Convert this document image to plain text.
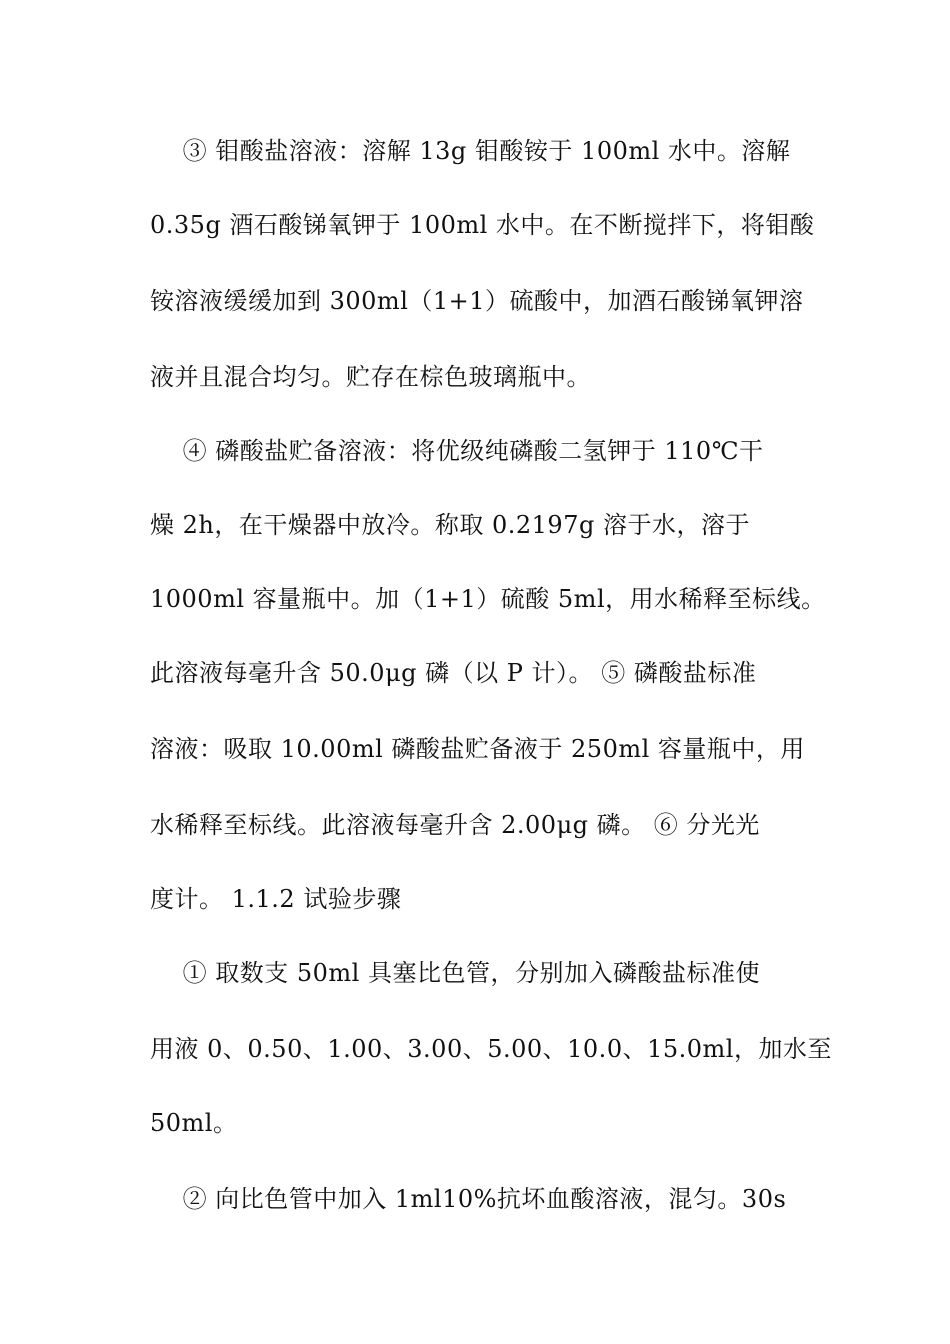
　 ③ 钼酸盐溶液：溶解 13g 钼酸铵于 100ml 水中。溶解
0.35g 酒石酸锑氧钾于 100ml 水中。在不断搅拌下，将钼酸
铵溶液缓缓加到 300ml（1+1）硫酸中，加酒石酸锑氧钾溶
液并且混合均匀。贮存在棕色玻璃瓶中。
　 ④ 磷酸盐贮备溶液：将优级纯磷酸二氢钾于 110℃干
燥 2h，在干燥器中放冷。称取 0.2197g 溶于水，溶于
1000ml 容量瓶中。加（1+1）硫酸 5ml，用水稀释至标线。
此溶液每毫升含 50.0μg 磷（以 P 计）。 ⑤ 磷酸盐标准
溶液：吸取 10.00ml 磷酸盐贮备液于 250ml 容量瓶中，用
水稀释至标线。此溶液每毫升含 2.00μg 磷。 ⑥ 分光光
度计。 1.1.2 试验步骤
　 ① 取数支 50ml 具塞比色管，分别加入磷酸盐标准使
用液 0、0.50、1.00、3.00、5.00、10.0、15.0ml，加水至
50ml。
　 ② 向比色管中加入 1ml10%抗坏血酸溶液，混匀。30s
